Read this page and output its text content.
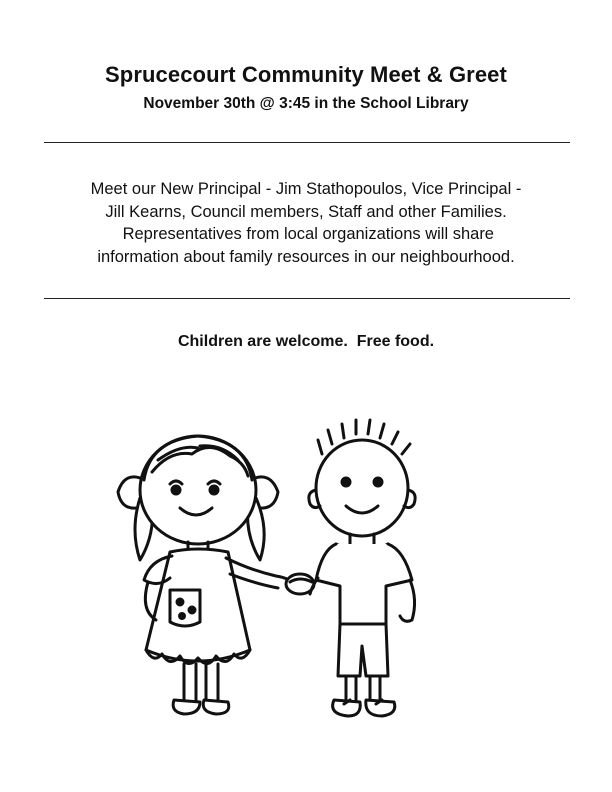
Sprucecourt Community Meet & Greet
November 30th @ 3:45 in the School Library
Meet our New Principal - Jim Stathopoulos, Vice Principal -
Jill Kearns, Council members, Staff and other Families.
Representatives from local organizations will share
information about family resources in our neighbourhood.
Children are welcome.  Free food.
